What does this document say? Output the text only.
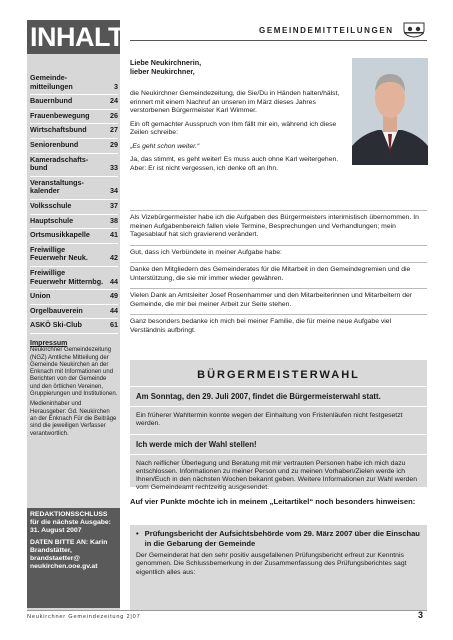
INHALT
Gemeinde-
mitteilungen	3
Bauernbund	24
Frauenbewegung	26
Wirtschaftsbund	27
Seniorenbund	29
Kameradschafts-
bund	33
Veranstaltungs-
kalender	34
Volksschule	37
Hauptschule	38
Ortsmusikkapelle	41
Freiwillige
Feuerwehr Neuk.	42
Freiwillige
Feuerwehr Mitternbg. 44
Union	49
Orgelbauverein	44
ASKÖ Ski-Club	61
Impressum

Neukirchner Gemeindezeitung (NGZ) Amtliche Mitteilung der Gemeinde Neukirchen an der Enknach mit Informationen und Berichten von der Gemeinde und den örtlichen Vereinen, Gruppierungen und Institutionen.

Medieninhaber und Herausgeber: Gd. Neukirchen an der Enknach Für die Beiträge sind die jeweiligen Verfasser verantwortlich.

REDAKTIONSSCHLUSS für die nächste Ausgabe: 31. August 2007

DATEN BITTE AN: Karin Brandstätter, brandstaetter@ neukirchen.ooe.gv.at

GEMEINDEMITTEILUNGEN
Liebe Neukirchnerin,
lieber Neukirchner,

die Neukirchner Gemeindezeitung, die Sie/Du in Händen halten/hälst, erinnert mit einem Nachruf an unseren im März dieses Jahres verstorbenen Bürgermeister Karl Wimmer.

Ein oft gemachter Ausspruch von Ihm fällt mir ein, während ich diese Zeilen schreibe:

„Es geht schon weiter.“

Ja, das stimmt, es geht weiter! Es muss auch ohne Karl weitergehen. Aber: Er ist nicht vergessen, ich denke oft an Ihn.

Als Vizebürgermeister habe ich die Aufgaben des Bürgermeisters interimistisch übernommen. In meinen Aufgabenbereich fallen viele Termine, Besprechungen und Verhandlungen; mein Tagesablauf hat sich gravierend verändert.

Gut, dass ich Verbündete in meiner Aufgabe habe:

Danke den Mitgliedern des Gemeinderates für die Mitarbeit in den Gemeindegremien und die Unterstützung, die sie mir immer wieder gewähren.

Vielen Dank an Amtsleiter Josef Rosenhammer und den Mitarbeiterinnen und Mitarbeitern der Gemeinde, die mir bei meiner Arbeit zur Seite stehen.

Ganz besonders bedanke ich mich bei meiner Familie, die für meine neue Aufgabe viel Verständnis aufbringt.

BÜRGERMEISTERWAHL
Am Sonntag, den 29. Juli 2007, findet die Bürgermeisterwahl statt.
Ein früherer Wahltermin konnte wegen der Einhaltung von Fristenläufen nicht festgesetzt werden.
Ich werde mich der Wahl stellen!
Nach reiflicher Überlegung und Beratung mit mir vertrauten Personen habe ich mich dazu entschlossen. Informationen zu meiner Person und zu meinen Vorhaben/Zielen werde ich Ihnen/Euch in den nächsten Wochen bekannt geben. Weitere Informationen zur Wahl werden vom Gemeindeamt rechtzeitig ausgesendet.
Auf vier Punkte möchte ich in meinem „Leitartikel“ noch besonders hinweisen:
• Prüfungsbericht der Aufsichtsbehörde vom 29. März 2007 über die Einschau in die Gebarung der Gemeinde
Der Gemeinderat hat den sehr positiv ausgefallenen Prüfungsbericht erfreut zur Kenntnis genommen. Die Schlussbemerkung in der Zusammenfassung des Prüfungsberichtes sagt eigentlich alles aus:
Neukirchner Gemeindezeitung 2|07	3
